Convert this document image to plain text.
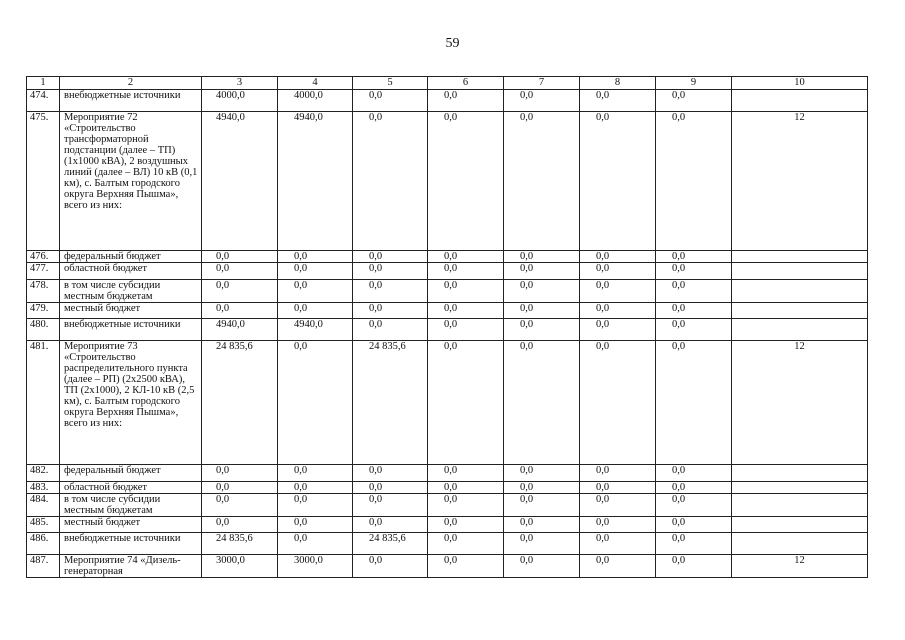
59
1	2	3	4	5	6	7	8	9	10
474.	внебюджетные источники	4000,0	4000,0	0,0	0,0	0,0	0,0	0,0	
475.	Мероприятие 72 «Строительство трансформаторной подстанции (далее – ТП) (1х1000 кВА), 2 воздушных линий (далее – ВЛ) 10 кВ (0,1 км), с. Балтым городского округа Верхняя Пышма», всего из них:	4940,0	4940,0	0,0	0,0	0,0	0,0	0,0	12
476.	федеральный бюджет	0,0	0,0	0,0	0,0	0,0	0,0	0,0	
477.	областной бюджет	0,0	0,0	0,0	0,0	0,0	0,0	0,0	
478.	в том числе субсидии местным бюджетам	0,0	0,0	0,0	0,0	0,0	0,0	0,0	
479.	местный бюджет	0,0	0,0	0,0	0,0	0,0	0,0	0,0	
480.	внебюджетные источники	4940,0	4940,0	0,0	0,0	0,0	0,0	0,0	
481.	Мероприятие 73 «Строительство распределительного пункта (далее – РП) (2х2500 кВА), ТП (2х1000), 2 КЛ-10 кВ (2,5 км), с. Балтым городского округа Верхняя Пышма», всего из них:	24 835,6	0,0	24 835,6	0,0	0,0	0,0	0,0	12
482.	федеральный бюджет	0,0	0,0	0,0	0,0	0,0	0,0	0,0	
483.	областной бюджет	0,0	0,0	0,0	0,0	0,0	0,0	0,0	
484.	в том числе субсидии местным бюджетам	0,0	0,0	0,0	0,0	0,0	0,0	0,0	
485.	местный бюджет	0,0	0,0	0,0	0,0	0,0	0,0	0,0	
486.	внебюджетные источники	24 835,6	0,0	24 835,6	0,0	0,0	0,0	0,0	
487.	Мероприятие 74 «Дизель-генераторная	3000,0	3000,0	0,0	0,0	0,0	0,0	0,0	12
